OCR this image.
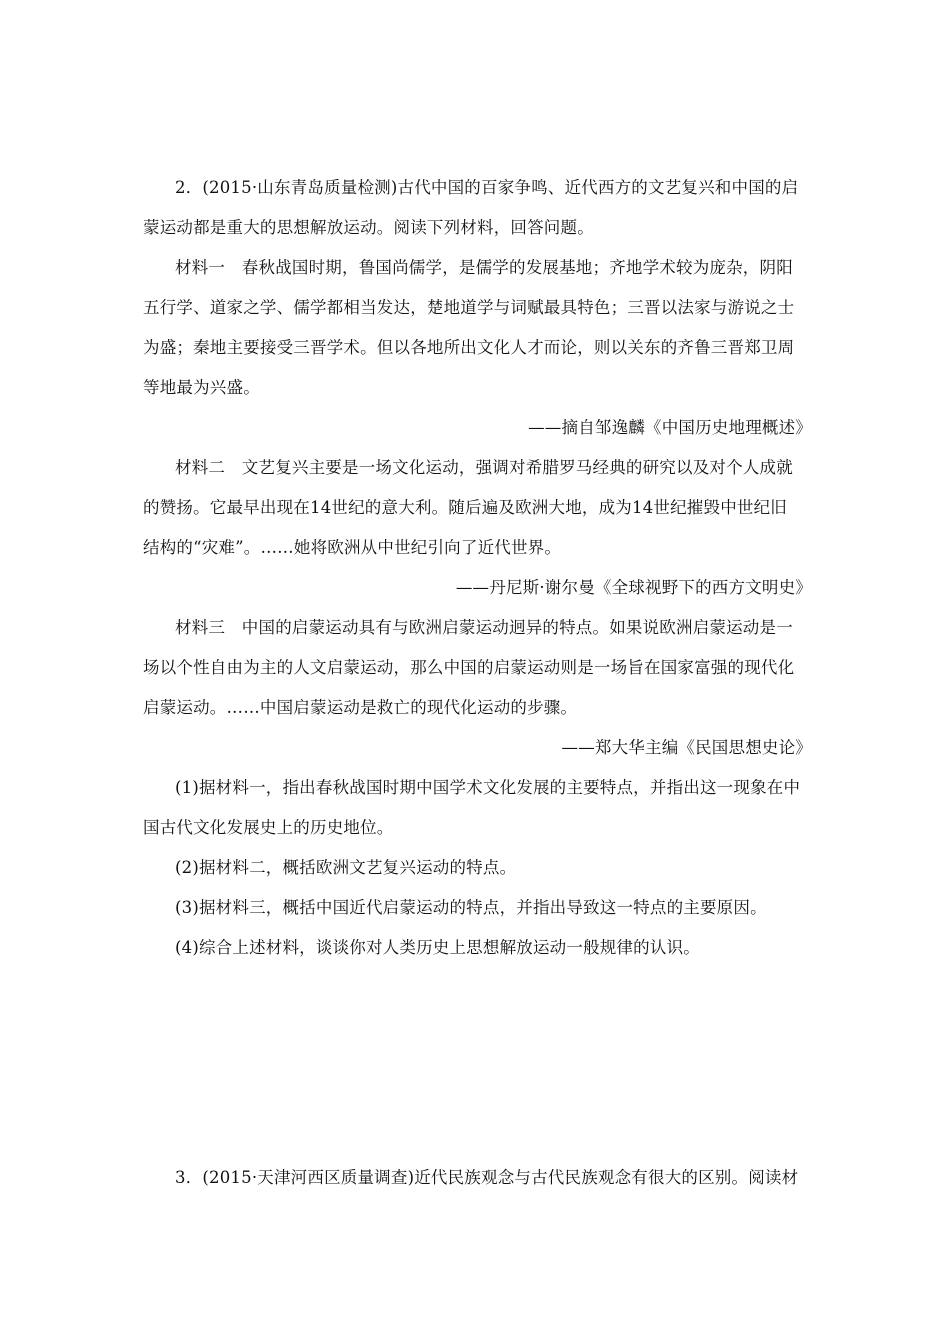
2．(2015·山东青岛质量检测)古代中国的百家争鸣、近代西方的文艺复兴和中国的启
蒙运动都是重大的思想解放运动。阅读下列材料，回答问题。
材料一　春秋战国时期，鲁国尚儒学，是儒学的发展基地；齐地学术较为庞杂，阴阳
五行学、道家之学、儒学都相当发达，楚地道学与词赋最具特色；三晋以法家与游说之士
为盛；秦地主要接受三晋学术。但以各地所出文化人才而论，则以关东的齐鲁三晋郑卫周
等地最为兴盛。
——摘自邹逸麟《中国历史地理概述》
材料二　文艺复兴主要是一场文化运动，强调对希腊罗马经典的研究以及对个人成就
的赞扬。它最早出现在14世纪的意大利。随后遍及欧洲大地，成为14世纪摧毁中世纪旧
结构的“灾难”。……她将欧洲从中世纪引向了近代世界。
——丹尼斯·谢尔曼《全球视野下的西方文明史》
材料三　中国的启蒙运动具有与欧洲启蒙运动迥异的特点。如果说欧洲启蒙运动是一
场以个性自由为主的人文启蒙运动，那么中国的启蒙运动则是一场旨在国家富强的现代化
启蒙运动。……中国启蒙运动是救亡的现代化运动的步骤。
——郑大华主编《民国思想史论》
(1)据材料一，指出春秋战国时期中国学术文化发展的主要特点，并指出这一现象在中
国古代文化发展史上的历史地位。
(2)据材料二，概括欧洲文艺复兴运动的特点。
(3)据材料三，概括中国近代启蒙运动的特点，并指出导致这一特点的主要原因。
(4)综合上述材料，谈谈你对人类历史上思想解放运动一般规律的认识。
3．(2015·天津河西区质量调查)近代民族观念与古代民族观念有很大的区别。阅读材
